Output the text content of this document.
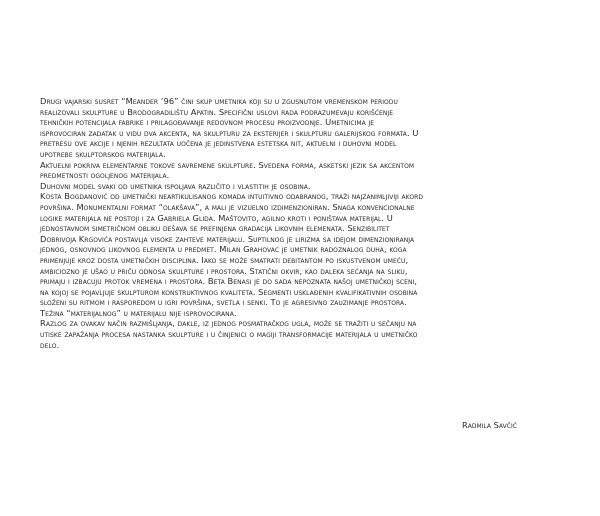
Drugi vajarski susret “Meander ’96” čini skup umetnika koji su u zgusnutom vremenskom periodu
realizovali skulpture u Brodogradilištu Apatin. Specifični uslovi rada podrazumevaju korišćenje
tehničkih potencijala fabrike i prilagođavanje redovnom procesu proizvodnje. Umetnicima je
isprovociran zadatak u vidu dva akcenta, na skulpturu za eksterijer i skulpturu galerijskog formata. U
pretresu ove akcije i njenih rezultata uočena je jedinstvena estetska nit, aktuelni i duhovni model
upotrebe skulptorskog materijala.
Aktuelni pokriva elementarne tokove savremene skulpture. Svedena forma, asketski jezik sa akcentom
predmetnosti ogoljenog materijala.
Duhovni model svaki od umetnika ispoljava različito i vlastitih je osobina.
Kosta Bogdanović od umetnički neartikulisanog komada intuitivno odabranog, traži najzanimljiviji akord
površina. Monumentalni format “olakšava”, a mali je vizuelno izdimenzioniran. Snaga konvencionalne
logike materijala ne postoji i za Gabriela Glida. Maštovito, agilno kroti i poništava materijal. U
jednostavnom simetričnom obliku dešava se prefinjena gradacija likovnih elemenata. Senzibilitet
Dobrivoja Krgovića postavlja visoke zahteve materijalu. Suptilnog je lirizma sa idejom dimenzioniranja
jednog, osnovnog likovnog elementa u predmet. Milan Grahovac je umetnik radoznalog duha, koga
primenjuje kroz dosta umetničkih disciplina. Iako se može smatrati debitantom po iskustvenom umeću,
ambiciozno je ušao u priču odnosa skulpture i prostora. Statični okvir, kao daleka sećanja na sliku,
primaju i izbacuju protok vremena i prostora. Beta Benasi je do sada nepoznata našoj umetničkoj sceni,
na kojoj se pojavljuje skulpturom konstruktivnog kvaliteta. Segmenti usklađenih kvalifikativnih osobina
složeni su ritmom i rasporedom u igri površina, svetla i senki. To je agresivno zauzimanje prostora.
Težina “materijalnog” u materijalu nije isprovocirana.
Razlog za ovakav način razmišljanja, dakle, iz jednog posmatračkog ugla, može se tražiti u sečanju na
utiske zapažanja procesa nastanka skulpture i u činjenici o magiji transformacije materijala u umetničko
delo.
Radmila Savčić
